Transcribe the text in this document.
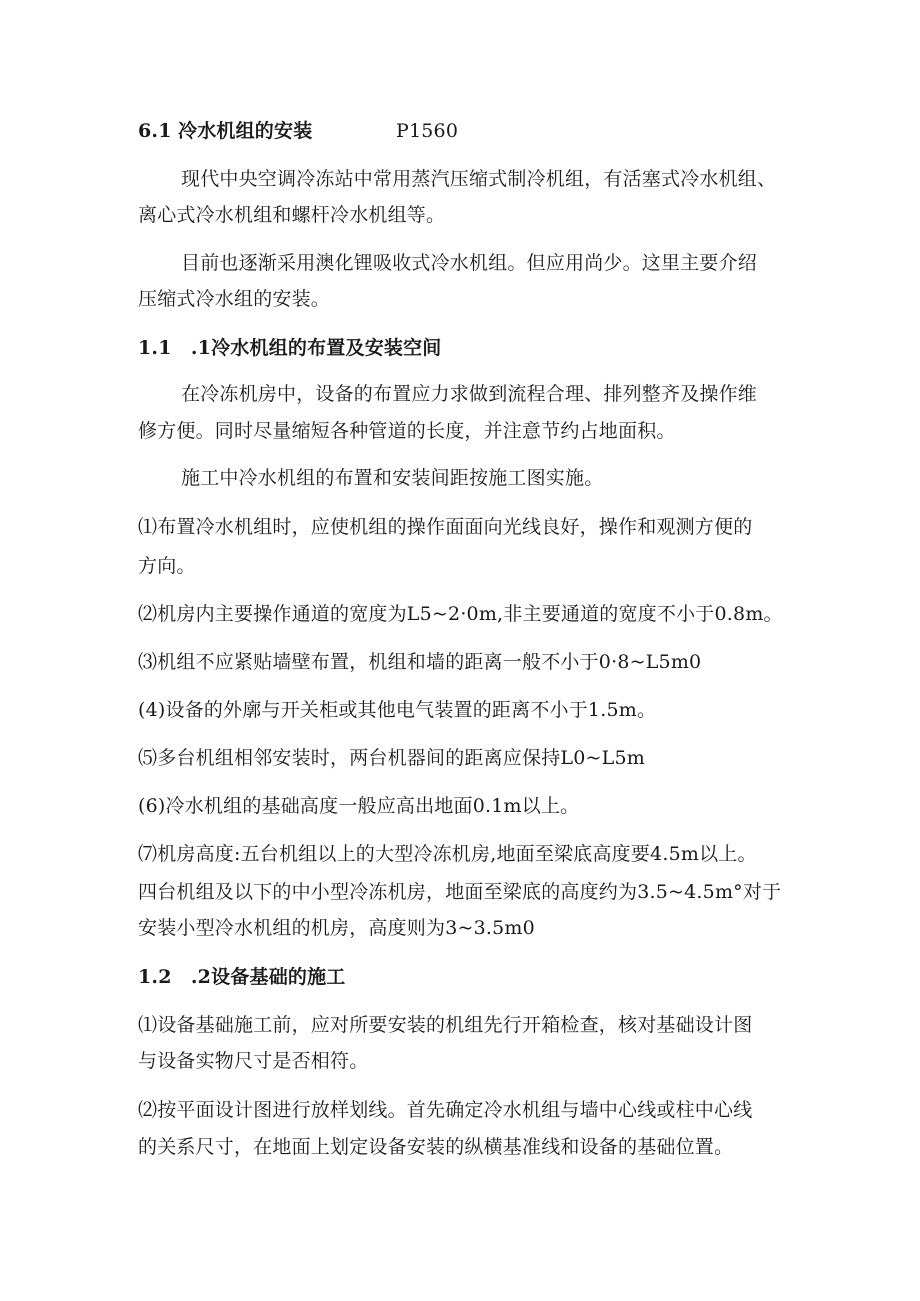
6.1 冷水机组的安装	P1560
现代中央空调冷冻站中常用蒸汽压缩式制冷机组，有活塞式冷水机组、
离心式冷水机组和螺杆冷水机组等。
目前也逐渐采用澳化锂吸收式冷水机组。但应用尚少。这里主要介绍
压缩式冷水组的安装。
1.1　.1冷水机组的布置及安装空间
在冷冻机房中，设备的布置应力求做到流程合理、排列整齐及操作维
修方便。同时尽量缩短各种管道的长度，并注意节约占地面积。
施工中冷水机组的布置和安装间距按施工图实施。
⑴布置冷水机组时，应使机组的操作面面向光线良好，操作和观测方便的
方向。
⑵机房内主要操作通道的宽度为L5~2·0m,非主要通道的宽度不小于0.8m。
⑶机组不应紧贴墙壁布置，机组和墙的距离一般不小于0·8~L5m0
(4)设备的外廓与开关柜或其他电气装置的距离不小于1.5m。
⑸多台机组相邻安装时，两台机器间的距离应保持L0~L5m
(6)冷水机组的基础高度一般应高出地面0.1m以上。
⑺机房高度:五台机组以上的大型冷冻机房,地面至梁底高度要4.5m以上。
四台机组及以下的中小型冷冻机房，地面至梁底的高度约为3.5~4.5m°对于
安装小型冷水机组的机房，高度则为3~3.5m0
1.2　.2设备基础的施工
⑴设备基础施工前，应对所要安装的机组先行开箱检查，核对基础设计图
与设备实物尺寸是否相符。
⑵按平面设计图进行放样划线。首先确定冷水机组与墙中心线或柱中心线
的关系尺寸，在地面上划定设备安装的纵横基准线和设备的基础位置。
